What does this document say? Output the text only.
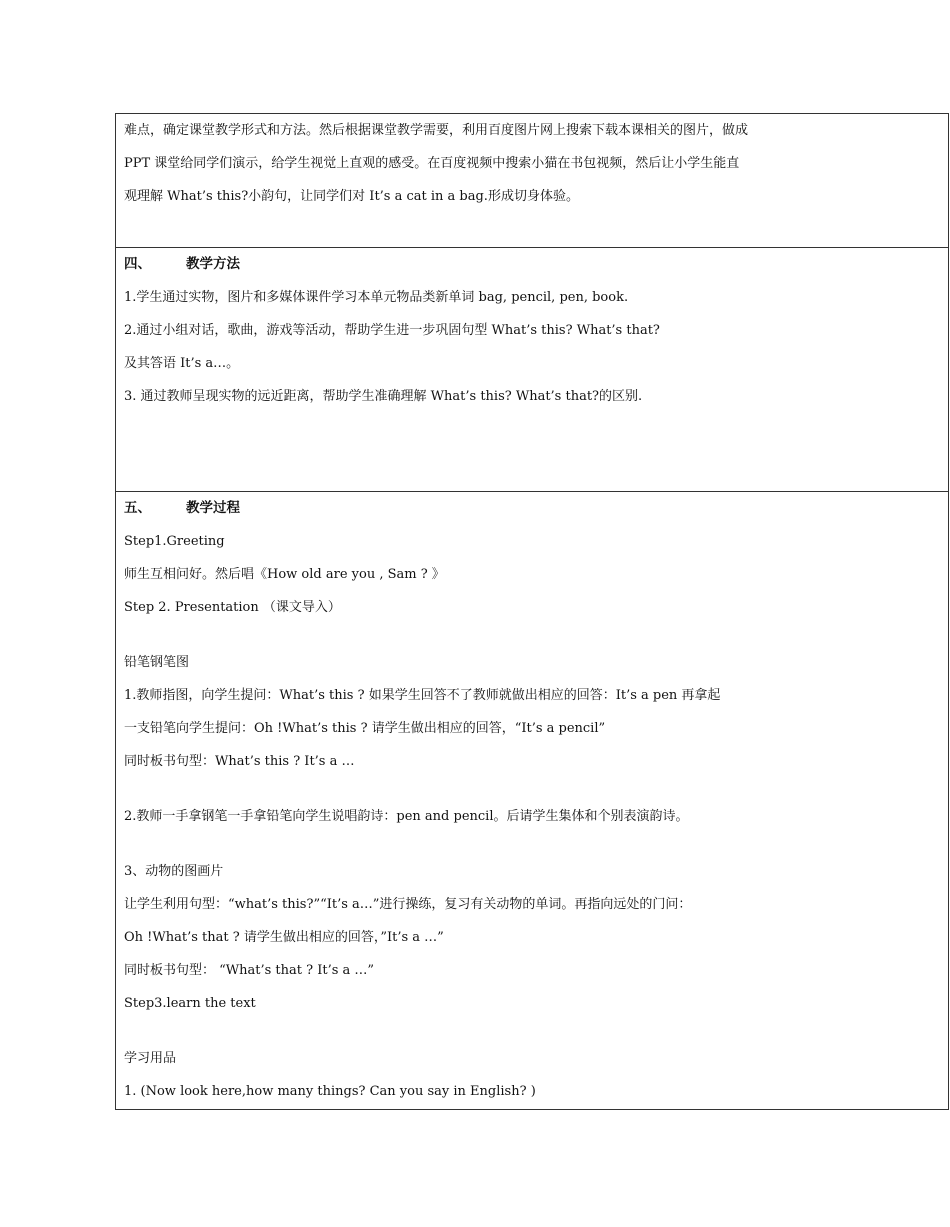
难点，确定课堂教学形式和方法。然后根据课堂教学需要，利用百度图片网上搜索下载本课相关的图片，做成
PPT 课堂给同学们演示，给学生视觉上直观的感受。在百度视频中搜索小猫在书包视频，然后让小学生能直
观理解 What’s this?小韵句，让同学们对 It’s a cat in a bag.形成切身体验。
四、	教学方法
1.学生通过实物，图片和多媒体课件学习本单元物品类新单词 bag, pencil, pen, book.
2.通过小组对话，歌曲，游戏等活动，帮助学生进一步巩固句型 What’s this? What’s that?
及其答语 It’s a…。
3. 通过教师呈现实物的远近距离，帮助学生准确理解 What’s this? What’s that?的区别.
五、	教学过程
Step1.Greeting
师生互相问好。然后唱《How old are you , Sam ? 》
Step 2. Presentation （课文导入）
铅笔钢笔图
1.教师指图，向学生提问：What’s this ? 如果学生回答不了教师就做出相应的回答：It’s a pen 再拿起
一支铅笔向学生提问：Oh !What’s this ? 请学生做出相应的回答，“It’s a pencil”
同时板书句型：What’s this ? It’s a …
2.教师一手拿钢笔一手拿铅笔向学生说唱韵诗：pen and pencil。后请学生集体和个别表演韵诗。
3、动物的图画片
让学生利用句型：“what’s this?”“It’s a…”进行操练，复习有关动物的单词。再指向远处的门问：
Oh !What’s that ? 请学生做出相应的回答，”It’s a …”
同时板书句型： “What’s that ? It’s a …”
Step3.learn the text
学习用品
1. (Now look here,how many things? Can you say in English? )
